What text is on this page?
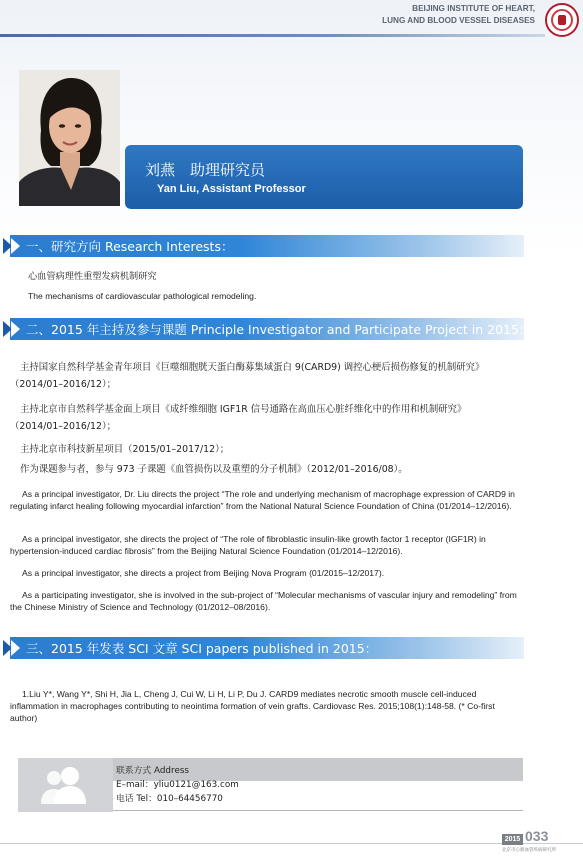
BEIJING INSTITUTE OF HEART,
LUNG AND BLOOD VESSEL DISEASES
刘燕　助理研究员
Yan Liu, Assistant Professor
一、研究方向 Research Interests：
心血管病理性重塑发病机制研究
The mechanisms of cardiovascular pathological remodeling.
二、2015 年主持及参与课题 Principle Investigator and Participate Project in 2015：
主持国家自然科学基金青年项目《巨噬细胞胱天蛋白酶募集域蛋白 9(CARD9) 调控心梗后损伤修复的机制研究》
（2014/01–2016/12）；
主持北京市自然科学基金面上项目《成纤维细胞 IGF1R 信号通路在高血压心脏纤维化中的作用和机制研究》
（2014/01–2016/12）；
主持北京市科技新星项目（2015/01–2017/12）；
作为课题参与者，参与 973 子课题《血管损伤以及重塑的分子机制》（2012/01–2016/08）。
As a principal investigator, Dr. Liu directs the project “The role and underlying mechanism of macrophage expression of CARD9 in regulating infarct healing following myocardial infarction” from the National Natural Science Foundation of China (01/2014–12/2016).
As a principal investigator, she directs the project of “The role of fibroblastic insulin-like growth factor 1 receptor (IGF1R) in hypertension-induced cardiac fibrosis” from the Beijing Natural Science Foundation (01/2014–12/2016).
As a principal investigator, she directs a project from Beijing Nova Program (01/2015–12/2017).
As a participating investigator, she is involved in the sub-project of “Molecular mechanisms of vascular injury and remodeling” from the Chinese Ministry of Science and Technology (01/2012–08/2016).
三、2015 年发表 SCI 文章 SCI papers published in 2015：
1.Liu Y*, Wang Y*, Shi H, Jia L, Cheng J, Cui W, Li H, Li P, Du J. CARD9 mediates necrotic smooth muscle cell-induced inflammation in macrophages contributing to neointima formation of vein grafts. Cardiovasc Res. 2015;108(1):148-58. (* Co-first author)
联系方式 Address
E–mail：yliu0121@163.com
电话 Tel：010–64456770
2015 033
北京市心肺血管疾病研究所
